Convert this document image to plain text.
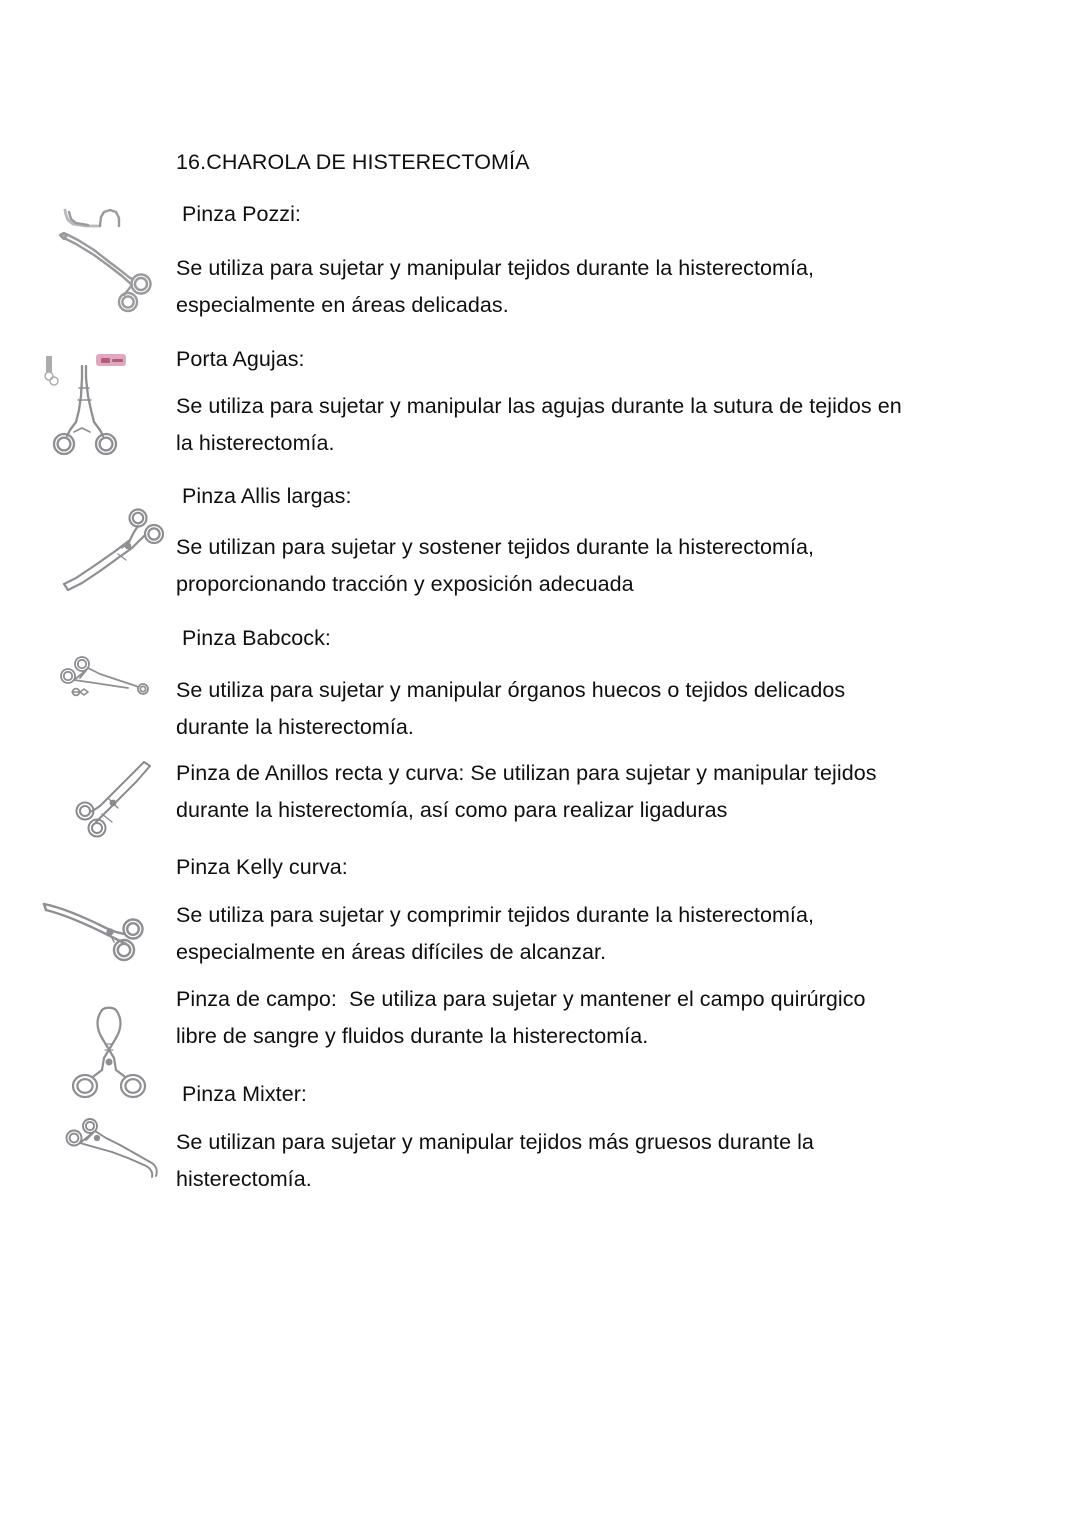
16.CHAROLA DE HISTERECTOMÍA

Pinza Pozzi:

Se utiliza para sujetar y manipular tejidos durante la histerectomía, especialmente en áreas delicadas.

Porta Agujas:

Se utiliza para sujetar y manipular las agujas durante la sutura de tejidos en la histerectomía.

Pinza Allis largas:

Se utilizan para sujetar y sostener tejidos durante la histerectomía, proporcionando tracción y exposición adecuada

Pinza Babcock:

Se utiliza para sujetar y manipular órganos huecos o tejidos delicados durante la histerectomía.

Pinza de Anillos recta y curva: Se utilizan para sujetar y manipular tejidos durante la histerectomía, así como para realizar ligaduras

Pinza Kelly curva:

Se utiliza para sujetar y comprimir tejidos durante la histerectomía, especialmente en áreas difíciles de alcanzar.

Pinza de campo:  Se utiliza para sujetar y mantener el campo quirúrgico libre de sangre y fluidos durante la histerectomía.

Pinza Mixter:

Se utilizan para sujetar y manipular tejidos más gruesos durante la histerectomía.
